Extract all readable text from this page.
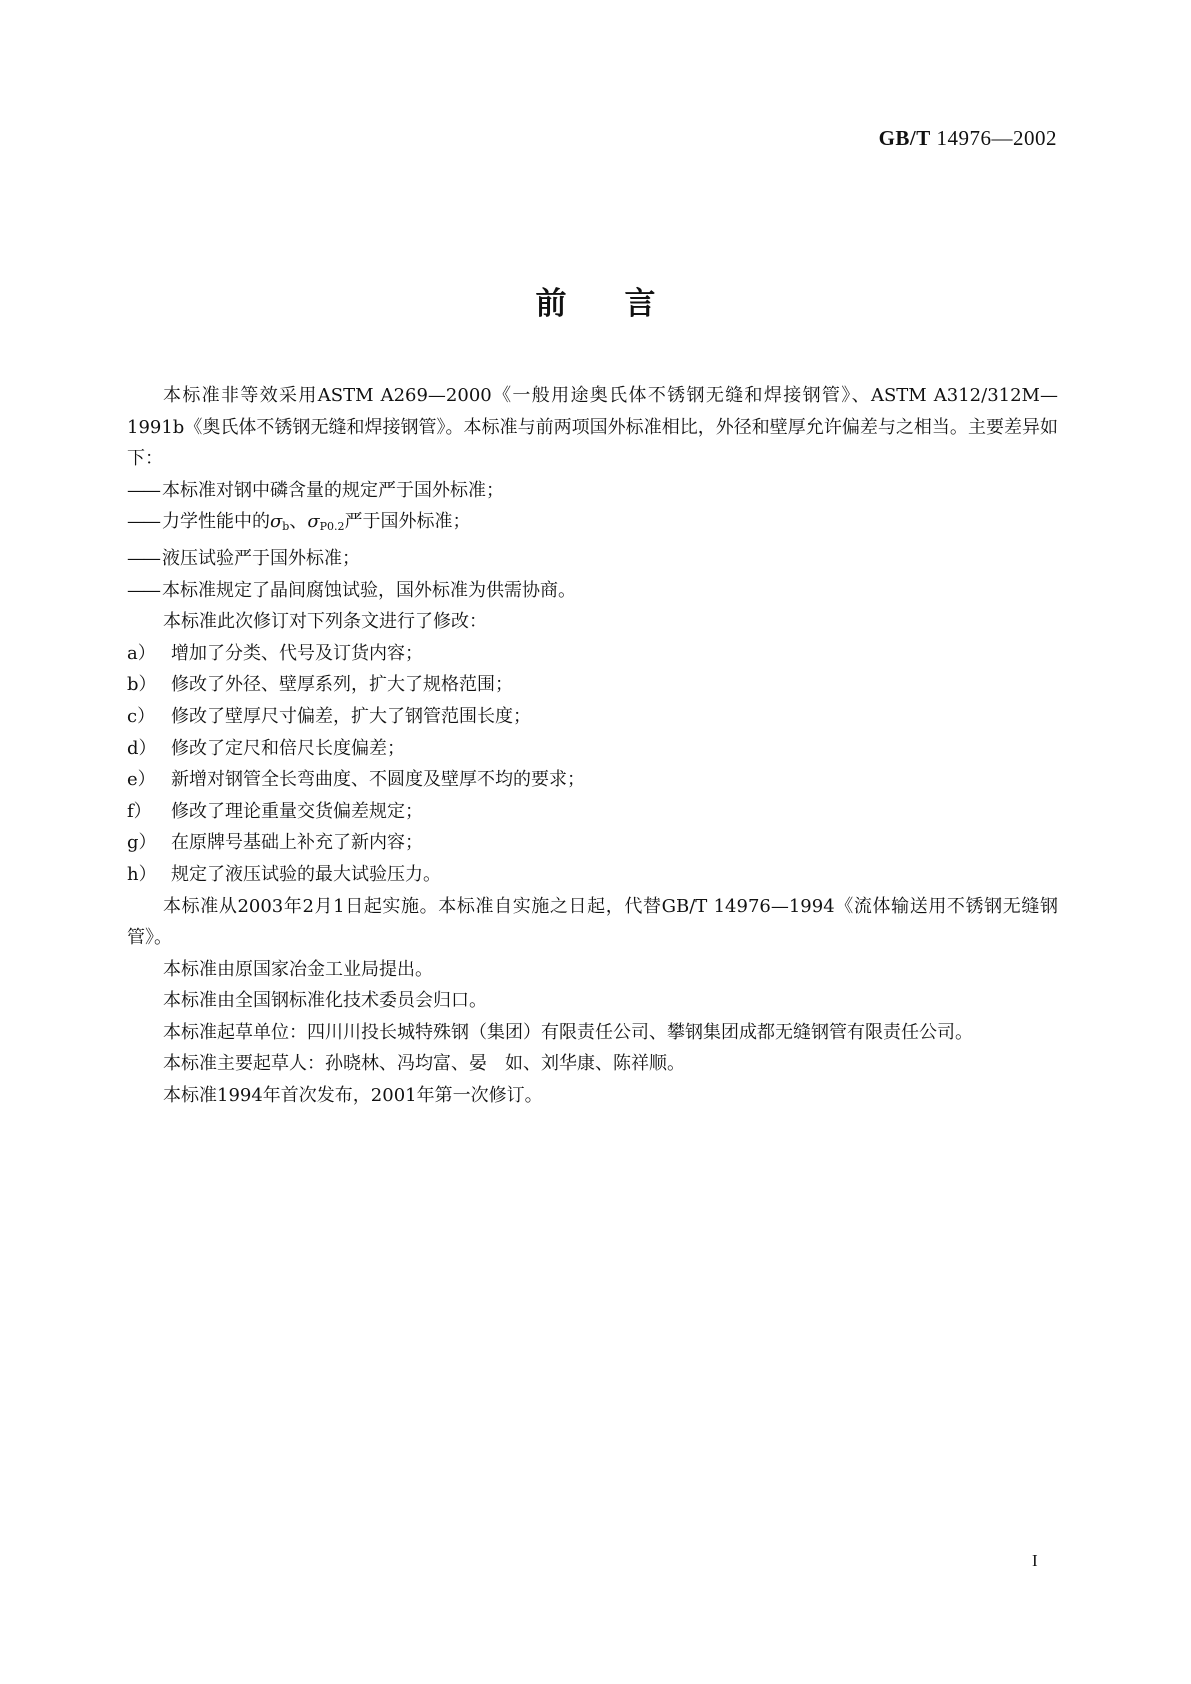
GB/T 14976—2002
前言

本标准非等效采用ASTM A269—2000《一般用途奥氏体不锈钢无缝和焊接钢管》、ASTM A312/312M—1991b《奥氏体不锈钢无缝和焊接钢管》。本标准与前两项国外标准相比，外径和壁厚允许偏差与之相当。主要差异如下：

—— 本标准对钢中磷含量的规定严于国外标准；

—— 力学性能中的$\sigma_b$、$\sigma_{P0.2}$严于国外标准；

—— 液压试验严于国外标准；

—— 本标准规定了晶间腐蚀试验，国外标准为供需协商。

本标准此次修订对下列条文进行了修改：

a） 增加了分类、代号及订货内容；

b） 修改了外径、壁厚系列，扩大了规格范围；

c） 修改了壁厚尺寸偏差，扩大了钢管范围长度；

d） 修改了定尺和倍尺长度偏差；

e） 新增对钢管全长弯曲度、不圆度及壁厚不均的要求；

f） 修改了理论重量交货偏差规定；

g） 在原牌号基础上补充了新内容；

h） 规定了液压试验的最大试验压力。

本标准从2003年2月1日起实施。本标准自实施之日起，代替GB/T 14976—1994《流体输送用不锈钢无缝钢管》。

本标准由原国家冶金工业局提出。

本标准由全国钢标准化技术委员会归口。

本标准起草单位：四川川投长城特殊钢（集团）有限责任公司、攀钢集团成都无缝钢管有限责任公司。

本标准主要起草人：孙晓林、冯均富、晏　如、刘华康、陈祥顺。

本标准1994年首次发布，2001年第一次修订。

I
